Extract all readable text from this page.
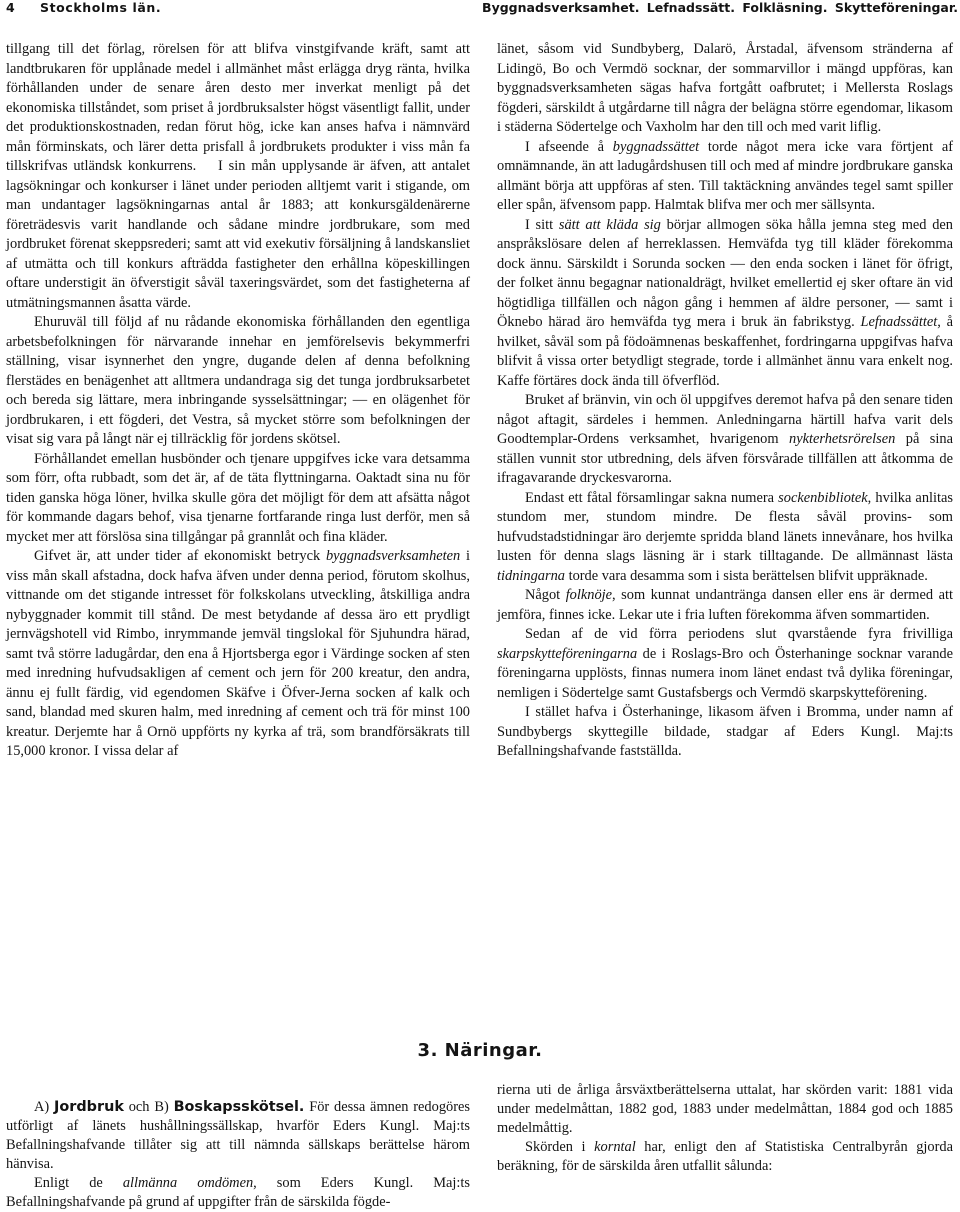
4 Stockholms län.	Byggnadsverksamhet. Lefnadssätt. Folkläsning. Skytteföreningar.

tillgang till det förlag, rörelsen för att blifva vinstgifvande kräft, samt att landtbrukaren för upplånade medel i allmänhet måst erlägga dryg ränta, hvilka förhållanden under de senare åren desto mer inverkat menligt på det ekonomiska tillståndet, som priset å jordbruksalster högst väsentligt fallit, under det produktionskostnaden, redan förut hög, icke kan anses hafva i nämnvärd mån förminskats, och lärer detta prisfall å jordbrukets produkter i viss mån fa tillskrifvas utländsk konkurrens. I sin mån upplysande är äfven, att antalet lagsökningar och konkurser i länet under perioden alltjemt varit i stigande, om man undantager lagsökningarnas antal år 1883; att konkursgäldenärerne företrädesvis varit handlande och sådane mindre jordbrukare, som med jordbruket förenat skeppsrederi; samt att vid exekutiv försäljning å landskansliet af utmätta och till konkurs afträdda fastigheter den erhållna köpeskillingen oftare understigit än öfverstigit såväl taxeringsvärdet, som det fastigheterna af utmätningsmannen åsatta värde.

Ehuruväl till följd af nu rådande ekonomiska förhållanden den egentliga arbetsbefolkningen för närvarande innehar en jemförelsevis bekymmerfri ställning, visar isynnerhet den yngre, dugande delen af denna befolkning flerstädes en benägenhet att alltmera undandraga sig det tunga jordbruksarbetet och bereda sig lättare, mera inbringande sysselsättningar; — en olägenhet för jordbrukaren, i ett fögderi, det Vestra, så mycket större som befolkningen der visat sig vara på långt när ej tillräcklig för jordens skötsel.

Förhållandet emellan husbönder och tjenare uppgifves icke vara detsamma som förr, ofta rubbadt, som det är, af de täta flyttningarna. Oaktadt sina nu för tiden ganska höga löner, hvilka skulle göra det möjligt för dem att afsätta något för kommande dagars behof, visa tjenarne fortfarande ringa lust derför, men så mycket mer att förslösa sina tillgångar på grannlåt och fina kläder.

Gifvet är, att under tider af ekonomiskt betryck byggnadsverksamheten i viss mån skall afstadna, dock hafva äfven under denna period, förutom skolhus, vittnande om det stigande intresset för folkskolans utveckling, åtskilliga andra nybyggnader kommit till stånd. De mest betydande af dessa äro ett prydligt jernvägshotell vid Rimbo, inrymmande jemväl tingslokal för Sjuhundra härad, samt två större ladugårdar, den ena å Hjortsberga egor i Värdinge socken af sten med inredning hufvudsakligen af cement och jern för 200 kreatur, den andra, ännu ej fullt färdig, vid egendomen Skäfve i Öfver-Jerna socken af kalk och sand, blandad med skuren halm, med inredning af cement och trä för minst 100 kreatur. Derjemte har å Ornö uppförts ny kyrka af trä, som brandförsäkrats till 15,000 kronor. I vissa delar af

länet, såsom vid Sundbyberg, Dalarö, Årstadal, äfvensom stränderna af Lidingö, Bo och Vermdö socknar, der sommarvillor i mängd uppföras, kan byggnadsverksamheten sägas hafva fortgått oafbrutet; i Mellersta Roslags fögderi, särskildt å utgårdarne till några der belägna större egendomar, likasom i städerna Södertelge och Vaxholm har den till och med varit liflig.

I afseende å byggnadssättet torde något mera icke vara förtjent af omnämnande, än att ladugårdshusen till och med af mindre jordbrukare ganska allmänt börja att uppföras af sten. Till taktäckning användes tegel samt spiller eller spån, äfvensom papp. Halmtak blifva mer och mer sällsynta.

I sitt sätt att kläda sig börjar allmogen söka hålla jemna steg med den anspråkslösare delen af herreklassen. Hemväfda tyg till kläder förekomma dock ännu. Särskildt i Sorunda socken — den enda socken i länet för öfrigt, der folket ännu begagnar nationaldrägt, hvilket emellertid ej sker oftare än vid högtidliga tillfällen och någon gång i hemmen af äldre personer, — samt i Öknebo härad äro hemväfda tyg mera i bruk än fabrikstyg. Lefnadssättet, å hvilket, såväl som på födoämnenas beskaffenhet, fordringarna uppgifvas hafva blifvit å vissa orter betydligt stegrade, torde i allmänhet ännu vara enkelt nog. Kaffe förtäres dock ända till öfverflöd.

Bruket af bränvin, vin och öl uppgifves deremot hafva på den senare tiden något aftagit, särdeles i hemmen. Anledningarna härtill hafva varit dels Goodtemplar-Ordens verksamhet, hvarigenom nykterhetsrörelsen på sina ställen vunnit stor utbredning, dels äfven försvårade tillfällen att åtkomma de ifragavarande dryckesvarorna.

Endast ett fåtal församlingar sakna numera sockenbibliotek, hvilka anlitas stundom mer, stundom mindre. De flesta såväl provins- som hufvudstadstidningar äro derjemte spridda bland länets innevånare, hos hvilka lusten för denna slags läsning är i stark tilltagande. De allmännast lästa tidningarna torde vara desamma som i sista berättelsen blifvit uppräknade.

Något folknöje, som kunnat undantränga dansen eller ens är dermed att jemföra, finnes icke. Lekar ute i fria luften förekomma äfven sommartiden.

Sedan af de vid förra periodens slut qvarstående fyra frivilliga skarpskytteföreningarna de i Roslags-Bro och Österhaninge socknar varande föreningarna upplösts, finnas numera inom länet endast två dylika föreningar, nemligen i Södertelge samt Gustafsbergs och Vermdö skarpskytteförening.

I stället hafva i Österhaninge, likasom äfven i Bromma, under namn af Sundbybergs skyttegille bildade, stadgar af Eders Kungl. Maj:ts Befallningshafvande fastställda.

3. Näringar.

A) Jordbruk och B) Boskapsskötsel. För dessa ämnen redogöres utförligt af länets hushållningssällskap, hvarför Eders Kungl. Maj:ts Befallningshafvande tillåter sig att till nämnda sällskaps berättelse härom hänvisa.

Enligt de allmänna omdömen, som Eders Kungl. Maj:ts Befallningshafvande på grund af uppgifter från de särskilda fögde-

rierna uti de årliga årsväxtberättelserna uttalat, har skörden varit: 1881 vida under medelmåttan, 1882 god, 1883 under medelmåttan, 1884 god och 1885 medelmåttig.

Skörden i korntal har, enligt den af Statistiska Centralbyrån gjorda beräkning, för de särskilda åren utfallit sålunda:
